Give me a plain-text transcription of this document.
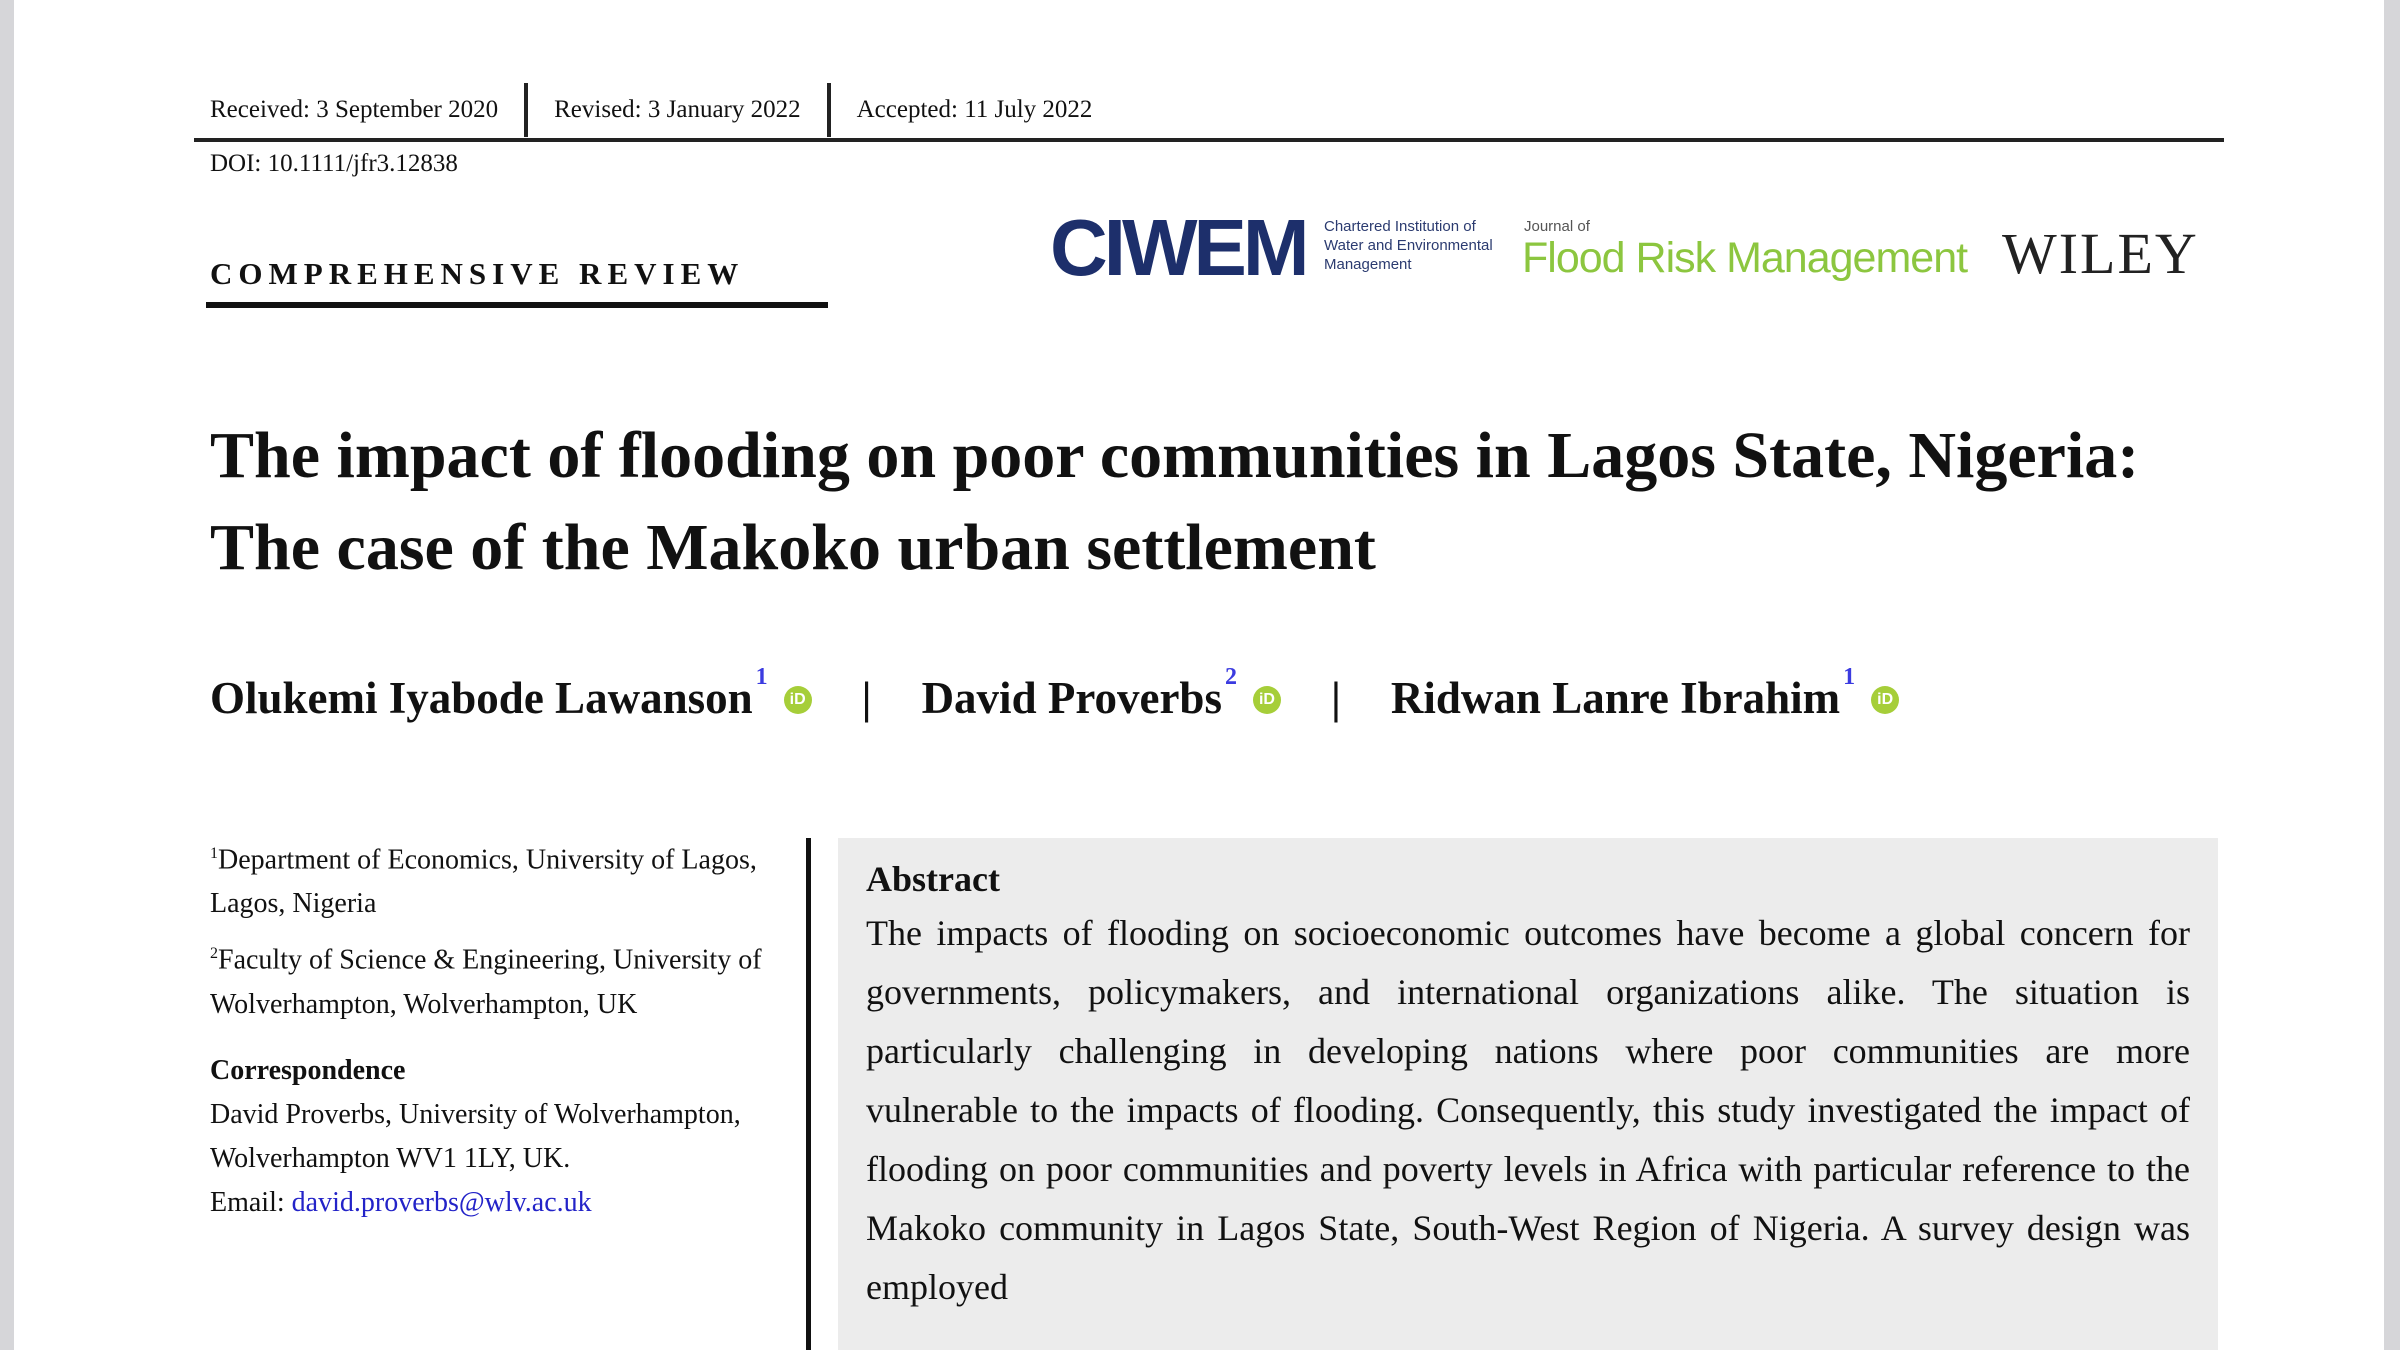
Received: 3 September 2020	Revised: 3 January 2022	Accepted: 11 July 2022
DOI: 10.1111/jfr3.12838
COMPREHENSIVE REVIEW	CIWEM Chartered Institution of Water and Environmental Management
Journal of
Flood Risk Management WILEY
The impact of flooding on poor communities in Lagos State, Nigeria: The case of the Makoko urban settlement
Olukemi Iyabode Lawanson$^1$
iD | David Proverbs$^2$
iD | Ridwan Lanre Ibrahim$^1$
iD
$^1$Department of Economics, University of Lagos, Lagos, Nigeria
$^2$Faculty of Science & Engineering, University of Wolverhampton, Wolverhampton, UK
Correspondence
David Proverbs, University of Wolverhampton, Wolverhampton WV1 1LY, UK.
Email: david.proverbs@wlv.ac.uk
Abstract

The impacts of flooding on socioeconomic outcomes have become a global concern for governments, policymakers, and international organizations alike. The situation is particularly challenging in developing nations where poor communities are more vulnerable to the impacts of flooding. Consequently, this study investigated the impact of flooding on poor communities and poverty levels in Africa with particular reference to the Makoko community in Lagos State, South-West Region of Nigeria. A survey design was employed
